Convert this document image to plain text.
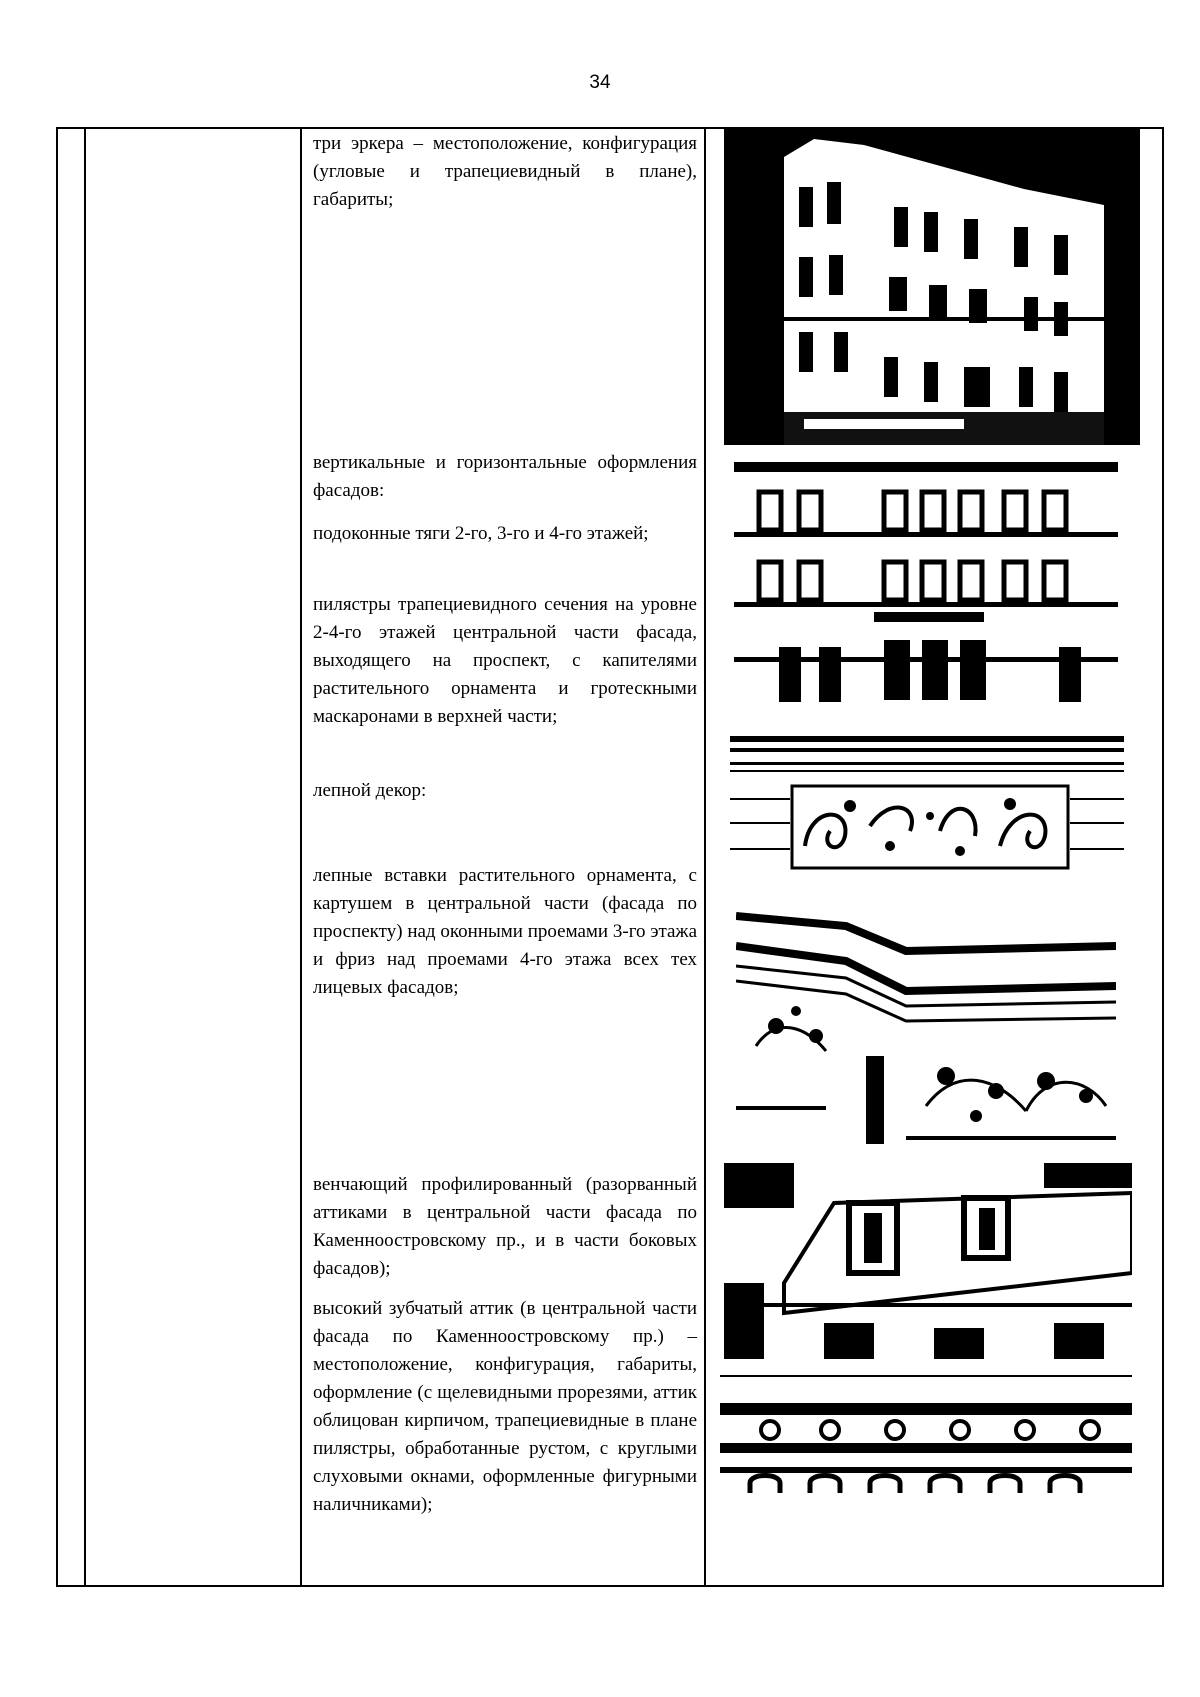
34

три эркера – местоположение, конфигурация (угловые и трапециевидный в плане), габариты;

вертикальные и горизонтальные оформления фасадов:

подоконные тяги 2-го, 3-го и 4-го этажей;

пилястры трапециевидного сечения на уровне 2-4-го этажей центральной части фасада, выходящего на проспект, с капителями растительного орнамента и гротескными маскаронами в верхней части;

лепной декор:

лепные вставки растительного орнамента, с картушем в центральной части (фасада по проспекту) над оконными проемами 3-го этажа и фриз над проемами 4-го этажа всех тех лицевых фасадов;

венчающий профилированный (разорванный аттиками в центральной части фасада по Каменноостровскому пр., и в части боковых фасадов);

высокий зубчатый аттик (в центральной части фасада по Каменноостровскому пр.) – местоположение, конфигурация, габариты, оформление (с щелевидными прорезями, аттик облицован кирпичом, трапециевидные в плане пилястры, обработанные рустом, с круглыми слуховыми окнами, оформленные фигурными наличниками);
